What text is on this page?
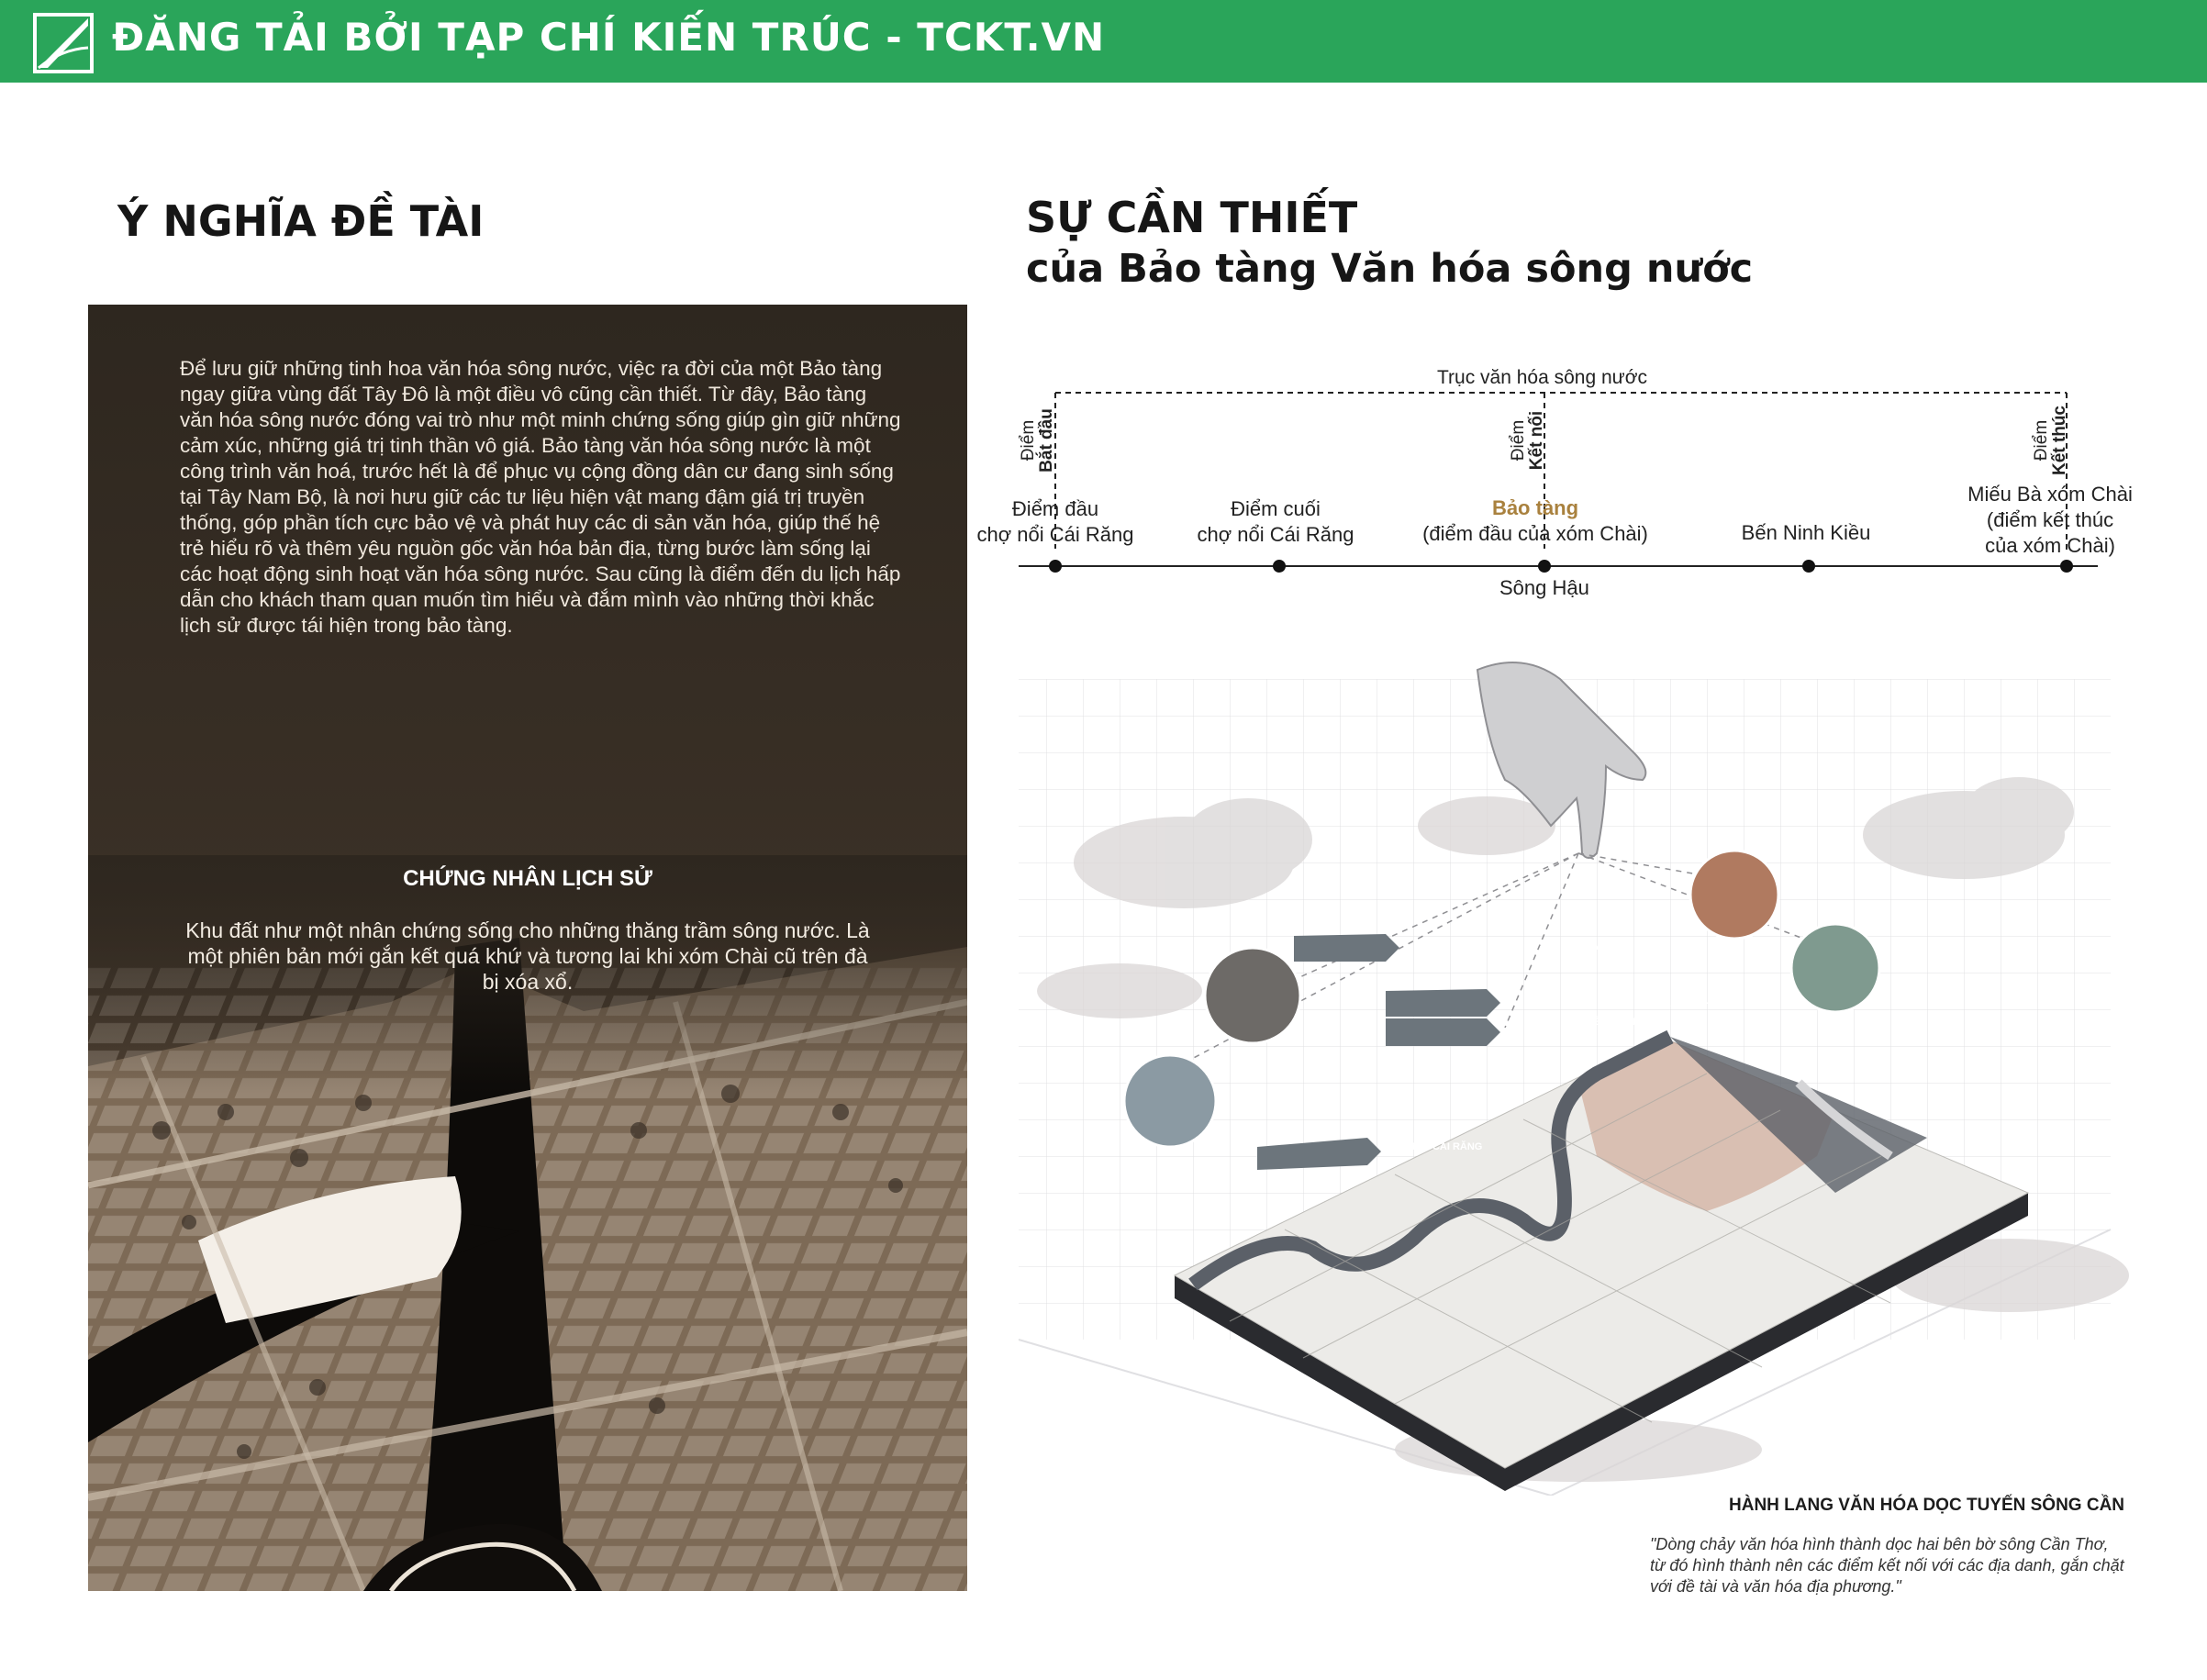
ĐĂNG TẢI BỞI TẠP CHÍ KIẾN TRÚC - TCKT.VN
Ý NGHĨA ĐỀ TÀI	SỰ CẦN THIẾT
của Bảo tàng Văn hóa sông nước

Để lưu giữ những tinh hoa văn hóa sông nước, việc ra đời của một Bảo tàng ngay giữa vùng đất Tây Đô là một điều vô cũng cần thiết. Từ đây, Bảo tàng văn hóa sông nước đóng vai trò như một minh chứng sống giúp gìn giữ những cảm xúc, những giá trị tinh thần vô giá. Bảo tàng văn hóa sông nước là một công trình văn hoá, trước hết là để phục vụ cộng đồng dân cư đang sinh sống tại Tây Nam Bộ, là nơi hưu giữ các tư liệu hiện vật mang đậm giá trị truyền thống, góp phần tích cực bảo vệ và phát huy các di sản văn hóa, giúp thế hệ trẻ hiểu rõ và thêm yêu nguồn gốc văn hóa bản địa, từng bước làm sống lại các hoạt động sinh hoạt văn hóa sông nước. Sau cũng là điểm đến du lịch hấp dẫn cho khách tham quan muốn tìm hiểu và đắm mình vào những thời khắc lịch sử được tái hiện trong bảo tàng.

CHỨNG NHÂN LỊCH SỬ

Khu đất như một nhân chứng sống cho những thăng trầm sông nước. Là một phiên bản mới gắn kết quá khứ và tương lai khi xóm Chài cũ trên đà bị xóa xổ.

Trục văn hóa sông nước
Điểm Bắt đầu	Điểm Kết nối	Điểm Kết thúc
Điểm đầu
chợ nổi Cái Răng
Điểm cuối
chợ nổi Cái Răng
Bảo tàng
(điểm đầu của xóm Chài)	Bến Ninh Kiều
Miếu Bà xóm Chài
(điểm kết thúc
của xóm Chài)
Sông Hậu
CHỢ NỔI CÁI RĂNG
MIẾU BÀ
XÓM CHÀI
BẾN NINH KIỀU
HÀNH LANG VĂN HÓA DỌC TUYẾN SÔNG CẦN

"Dòng chảy văn hóa hình thành dọc hai bên bờ sông Cần Thơ, từ đó hình thành nên các điểm kết nối với các địa danh, gắn chặt với đề tài và văn hóa địa phương."
